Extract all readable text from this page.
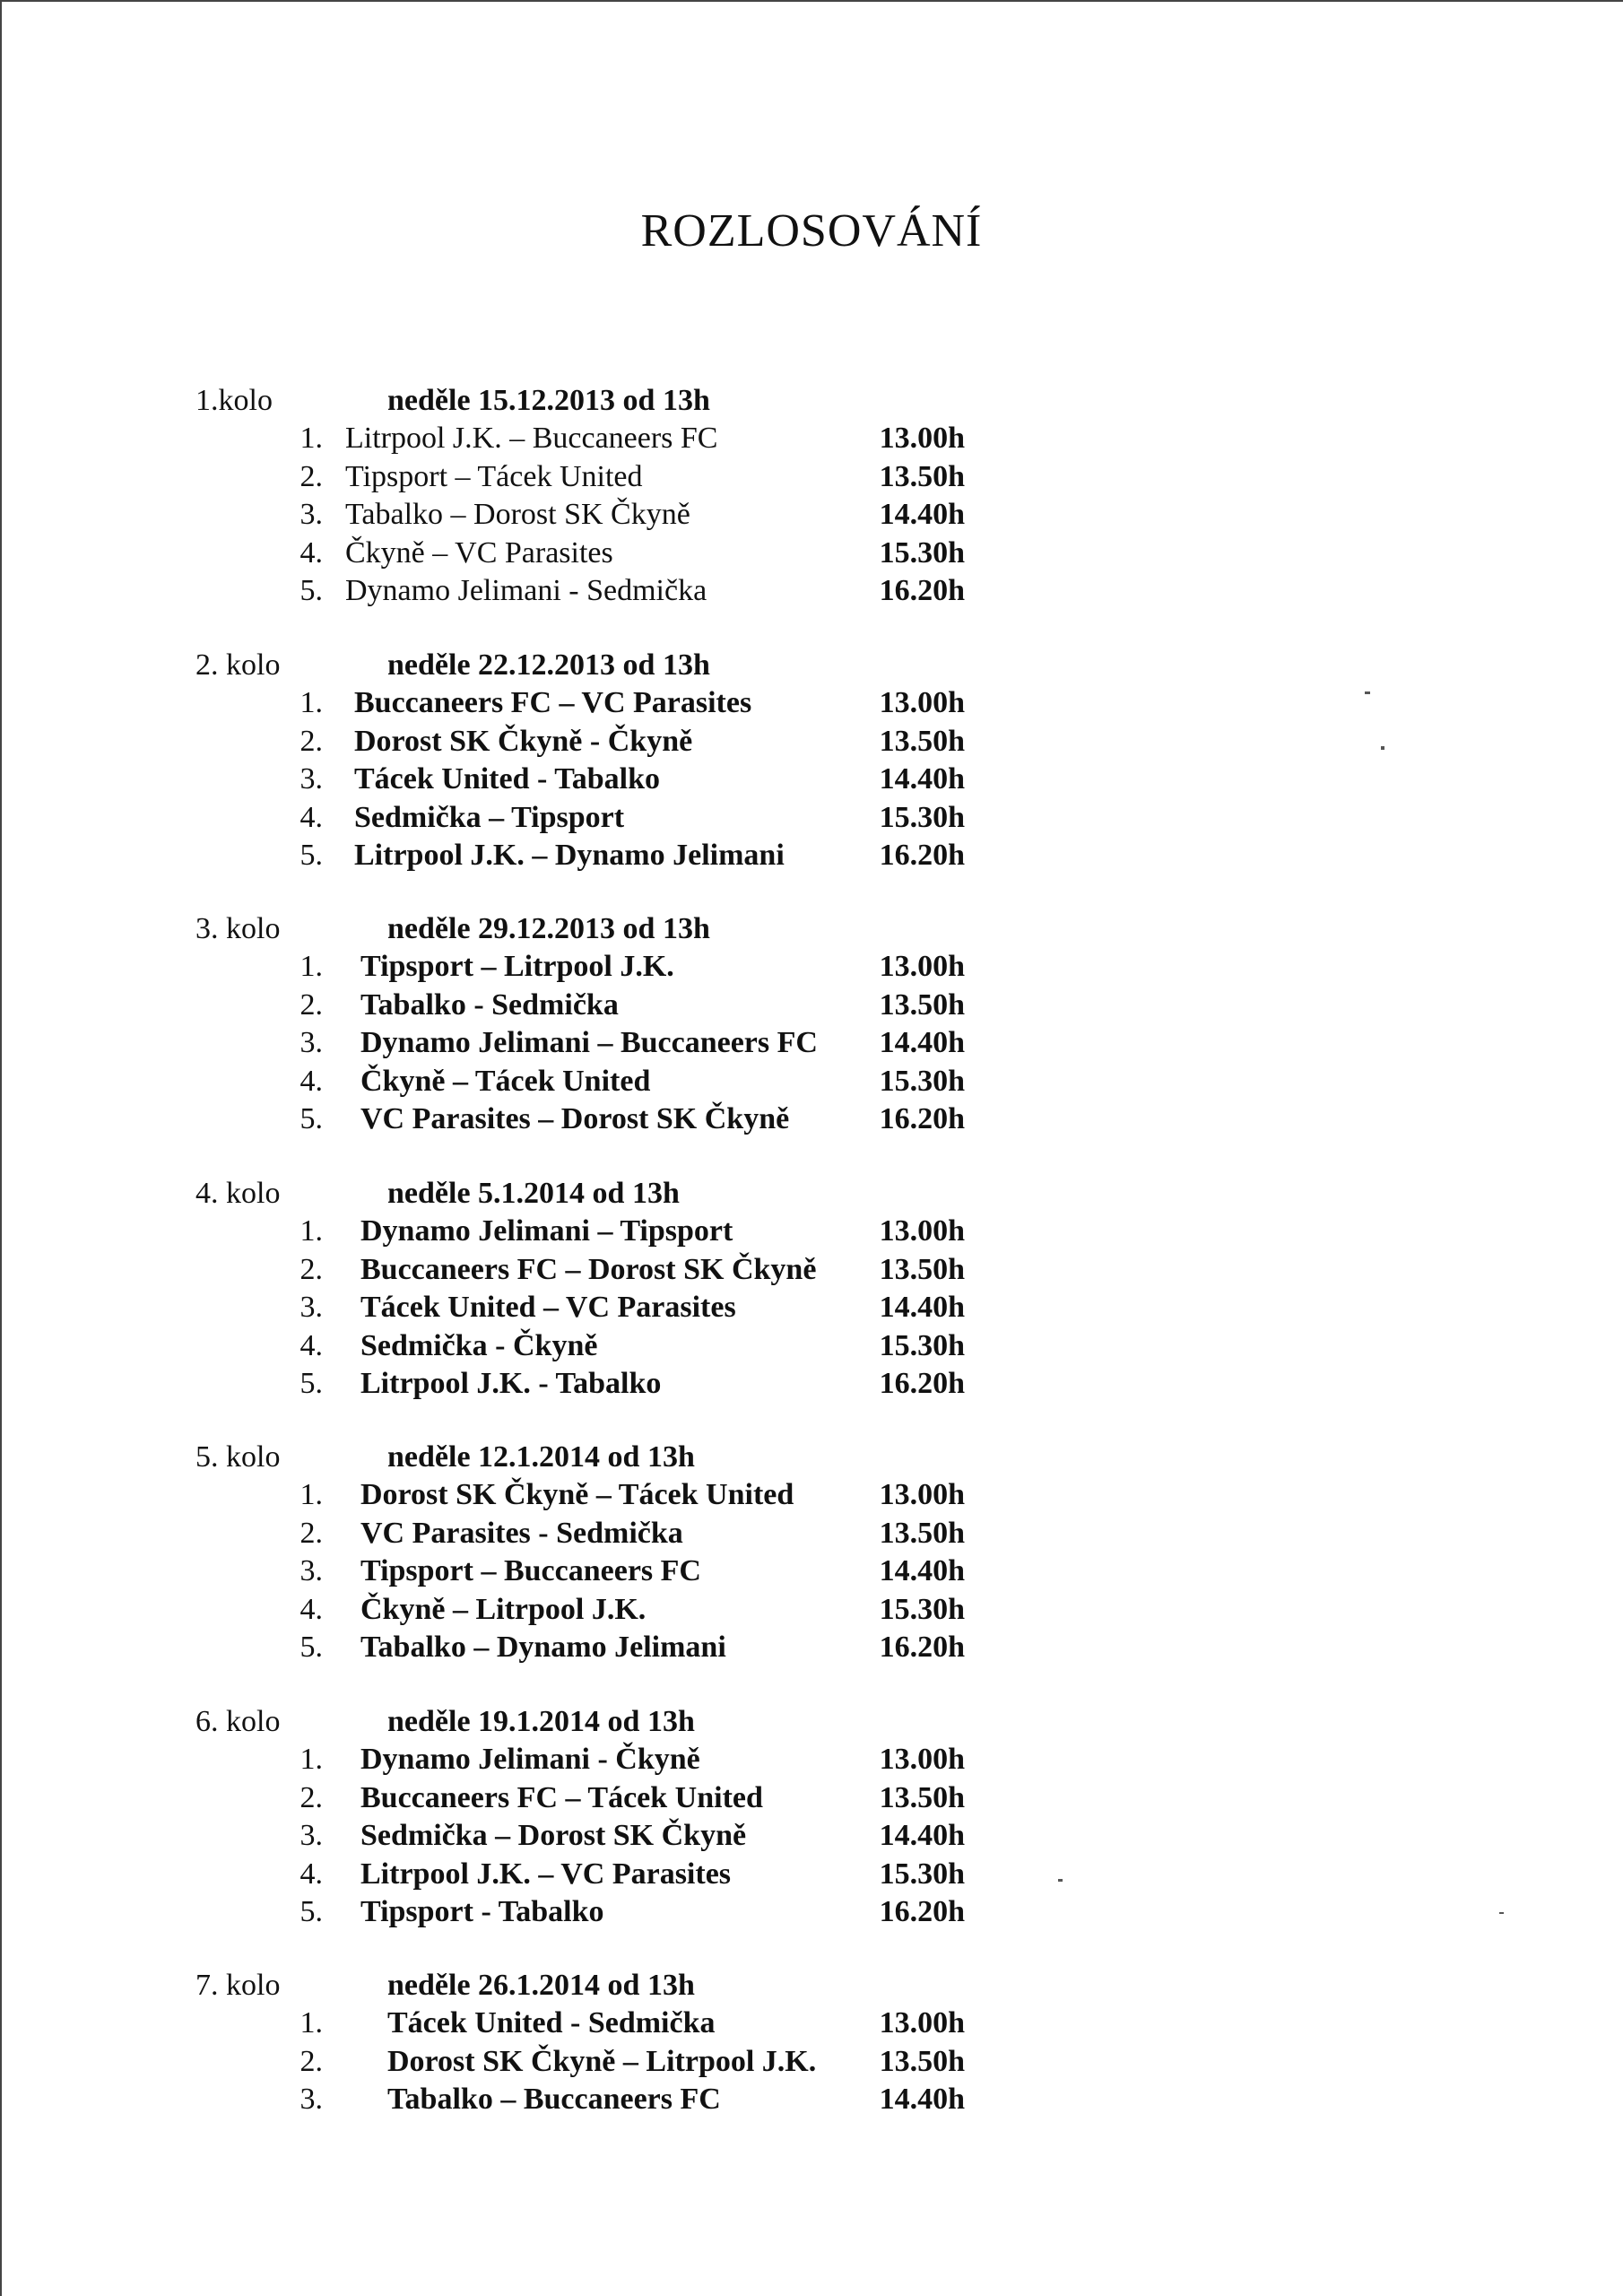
ROZLOSOVÁNÍ
1.kolo	neděle 15.12.2013 od 13h
1. Litrpool J.K. – Buccaneers FC	13.00h
2. Tipsport – Tácek United	13.50h
3. Tabalko – Dorost SK Čkyně	14.40h
4. Čkyně – VC Parasites	15.30h
5. Dynamo Jelimani - Sedmička	16.20h
2. kolo	neděle 22.12.2013 od 13h
1. Buccaneers FC – VC Parasites	13.00h
2. Dorost SK Čkyně - Čkyně	13.50h
3. Tácek United - Tabalko	14.40h
4. Sedmička – Tipsport	15.30h
5. Litrpool J.K. – Dynamo Jelimani	16.20h
3. kolo	neděle 29.12.2013 od 13h
1. Tipsport – Litrpool J.K.	13.00h
2. Tabalko - Sedmička	13.50h
3. Dynamo Jelimani – Buccaneers FC 14.40h
4. Čkyně – Tácek United	15.30h
5. VC Parasites – Dorost SK Čkyně	16.20h
4. kolo	neděle 5.1.2014 od 13h
1. Dynamo Jelimani – Tipsport	13.00h
2. Buccaneers FC – Dorost SK Čkyně 13.50h
3. Tácek United – VC Parasites	14.40h
4. Sedmička - Čkyně	15.30h
5. Litrpool J.K. - Tabalko	16.20h
5. kolo	neděle 12.1.2014 od 13h
1. Dorost SK Čkyně – Tácek United	13.00h
2. VC Parasites - Sedmička	13.50h
3. Tipsport – Buccaneers FC	14.40h
4. Čkyně – Litrpool J.K.	15.30h
5. Tabalko – Dynamo Jelimani	16.20h
6. kolo	neděle 19.1.2014 od 13h
1. Dynamo Jelimani - Čkyně	13.00h
2. Buccaneers FC – Tácek United	13.50h
3. Sedmička – Dorost SK Čkyně	14.40h
4. Litrpool J.K. – VC Parasites	15.30h
5. Tipsport - Tabalko	16.20h
7. kolo	neděle 26.1.2014 od 13h
1. Tácek United - Sedmička	13.00h
2. Dorost SK Čkyně – Litrpool J.K. 13.50h
3. Tabalko – Buccaneers FC	14.40h
